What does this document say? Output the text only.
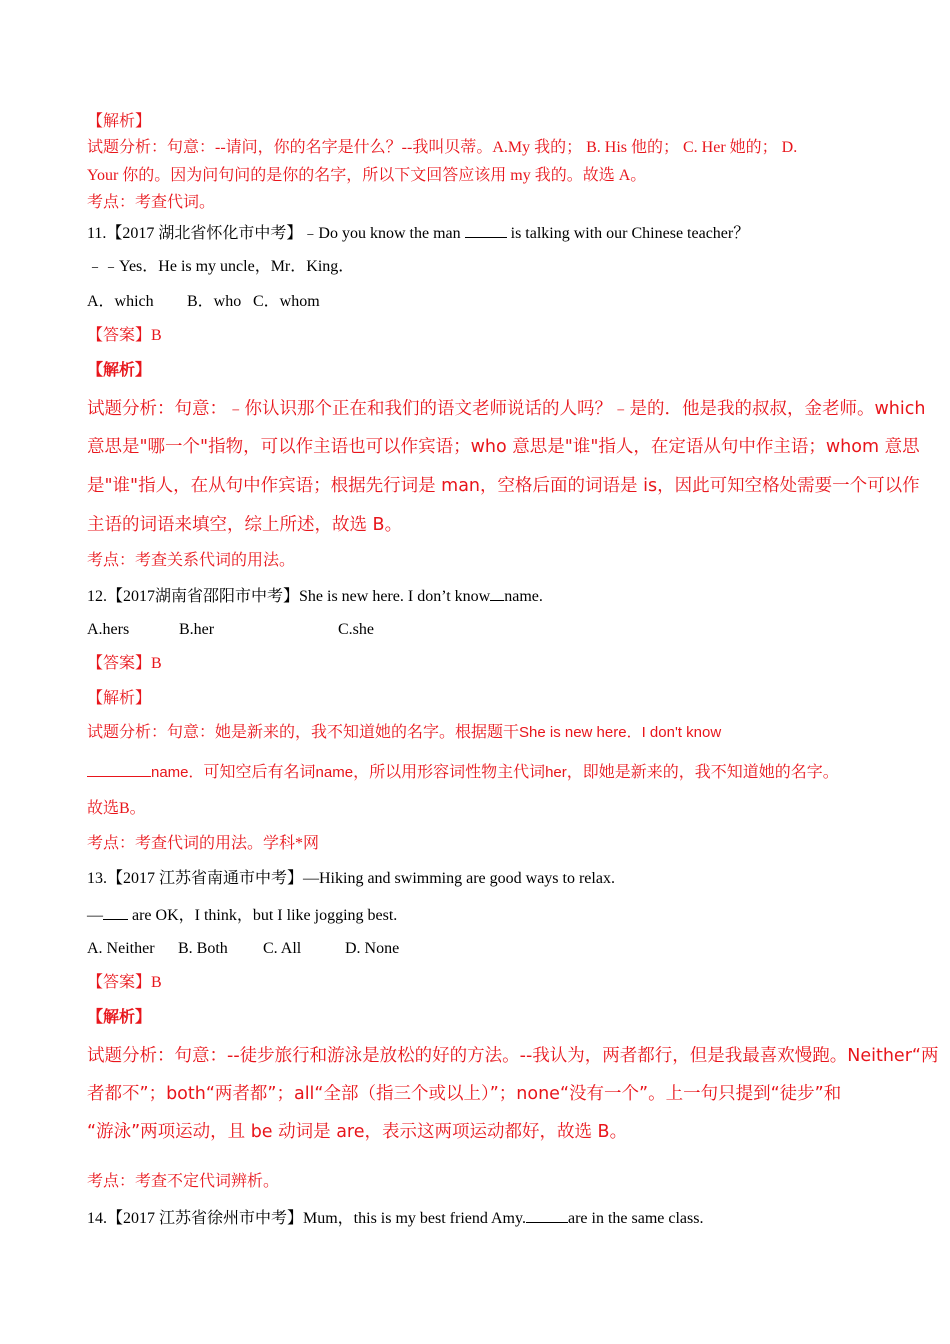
【解析】
试题分析：句意：--请问，你的名字是什么？--我叫贝蒂。A.My 我的； B. His 他的； C. Her 她的； D.
Your 你的。因为问句问的是你的名字，所以下文回答应该用 my 我的。故选 A。
考点：考查代词。
11.【2017 湖北省怀化市中考】﹣Do you know the man	is talking with our Chinese teacher？
﹣﹣Yes．He is my uncle，Mr．King．
A．which B．who C．whom
【答案】B
【解析】
试题分析：句意：﹣你认识那个正在和我们的语文老师说话的人吗？﹣是的．他是我的叔叔，金老师。which
意思是"哪一个"指物，可以作主语也可以作宾语；who 意思是"谁"指人，在定语从句中作主语；whom 意思
是"谁"指人，在从句中作宾语；根据先行词是 man，空格后面的词语是 is，因此可知空格处需要一个可以作
主语的词语来填空，综上所述，故选 B。
考点：考查关系代词的用法。
12.【2017湖南省邵阳市中考】She is new here. I don’t know name.
A.hers	B.her	C.she
【答案】B
【解析】
试题分析：句意：她是新来的，我不知道她的名字。根据题干She is new here．I don't know
name．可知空后有名词name，所以用形容词性物主代词her，即她是新来的，我不知道她的名字。
故选B。
考点：考查代词的用法。学科*网
13.【2017 江苏省南通市中考】—Hiking and swimming are good ways to relax.
— are OK，I think，but I like jogging best.
A. Neither B. Both C. All	D. None
【答案】B
【解析】
试题分析：句意：--徒步旅行和游泳是放松的好的方法。--我认为，两者都行，但是我最喜欢慢跑。Neither“两
者都不”；both“两者都”；all“全部（指三个或以上）”；none“没有一个”。上一句只提到“徒步”和
“游泳”两项运动，且 be 动词是 are，表示这两项运动都好，故选 B。
考点：考查不定代词辨析。
14.【2017 江苏省徐州市中考】Mum，this is my best friend Amy.	are in the same class.
